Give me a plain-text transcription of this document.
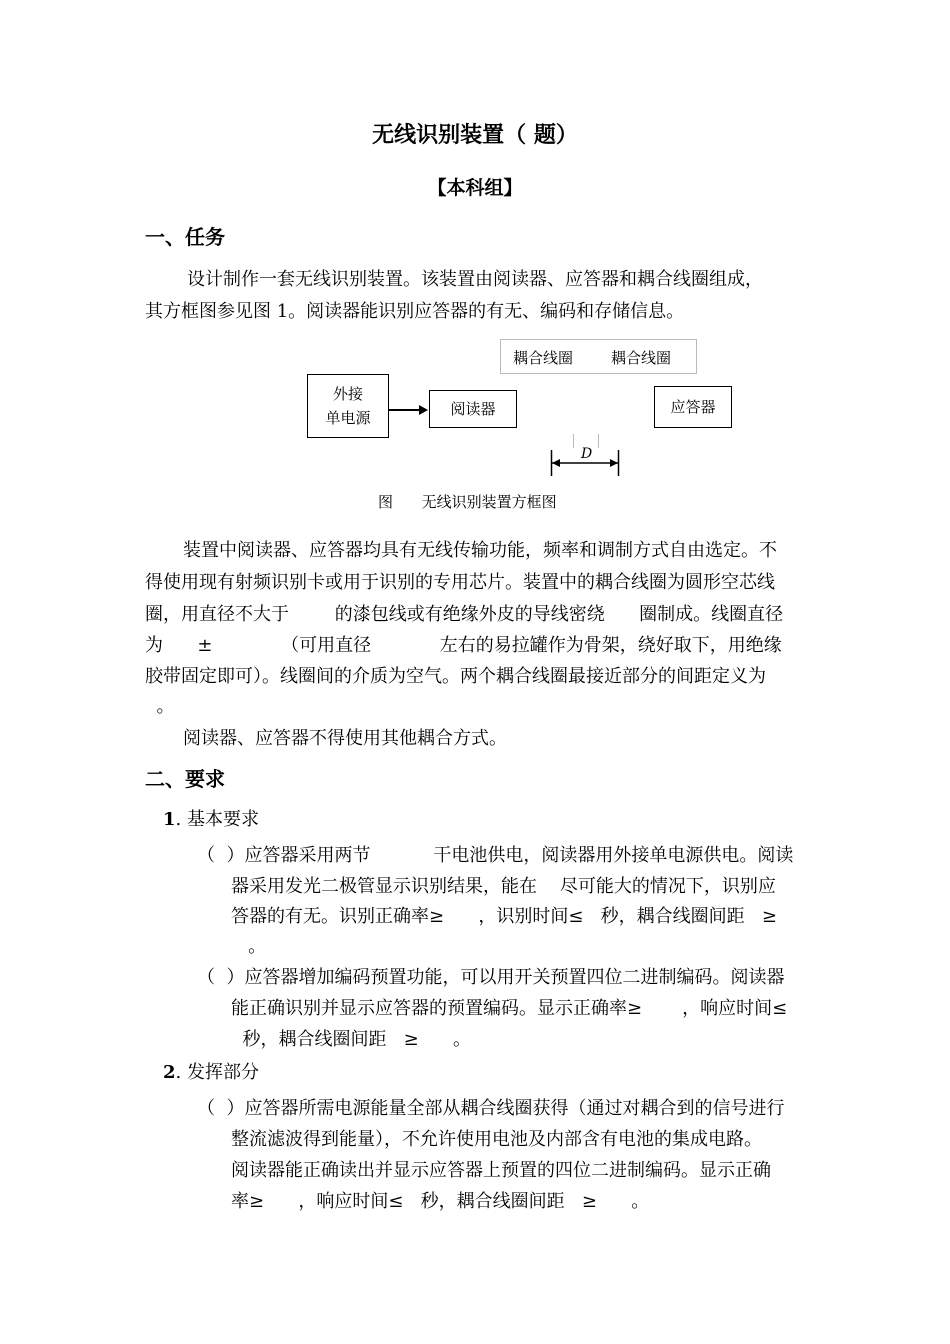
无线识别装置（ 题）
【本科组】
一、任务
设计制作一套无线识别装置。该装置由阅读器、应答器和耦合线圈组成，
其方框图参见图 1。阅读器能识别应答器的有无、编码和存储信息。
耦合线圈	耦合线圈
外接
单电源	阅读器	应答器
D
图      无线识别装置方框图
装置中阅读器、应答器均具有无线传输功能，频率和调制方式自由选定。不
得使用现有射频识别卡或用于识别的专用芯片。装置中的耦合线圈为圆形空芯线
圈，用直径不大于        的漆包线或有绝缘外皮的导线密绕      圈制成。线圈直径
为      ±            （可用直径            左右的易拉罐作为骨架，绕好取下，用绝缘
胶带固定即可）。线圈间的介质为空气。两个耦合线圈最接近部分的间距定义为
。
阅读器、应答器不得使用其他耦合方式。
二、要求
1. 基本要求
（  ）应答器采用两节           干电池供电，阅读器用外接单电源供电。阅读
器采用发光二极管显示识别结果，能在    尽可能大的情况下，识别应
答器的有无。识别正确率≥      ，识别时间≤   秒，耦合线圈间距   ≥
。
（  ）应答器增加编码预置功能，可以用开关预置四位二进制编码。阅读器
能正确识别并显示应答器的预置编码。显示正确率≥       ，响应时间≤
秒，耦合线圈间距   ≥      。
2. 发挥部分
（  ）应答器所需电源能量全部从耦合线圈获得（通过对耦合到的信号进行
整流滤波得到能量），不允许使用电池及内部含有电池的集成电路。
阅读器能正确读出并显示应答器上预置的四位二进制编码。显示正确
率≥      ，响应时间≤   秒，耦合线圈间距   ≥      。
